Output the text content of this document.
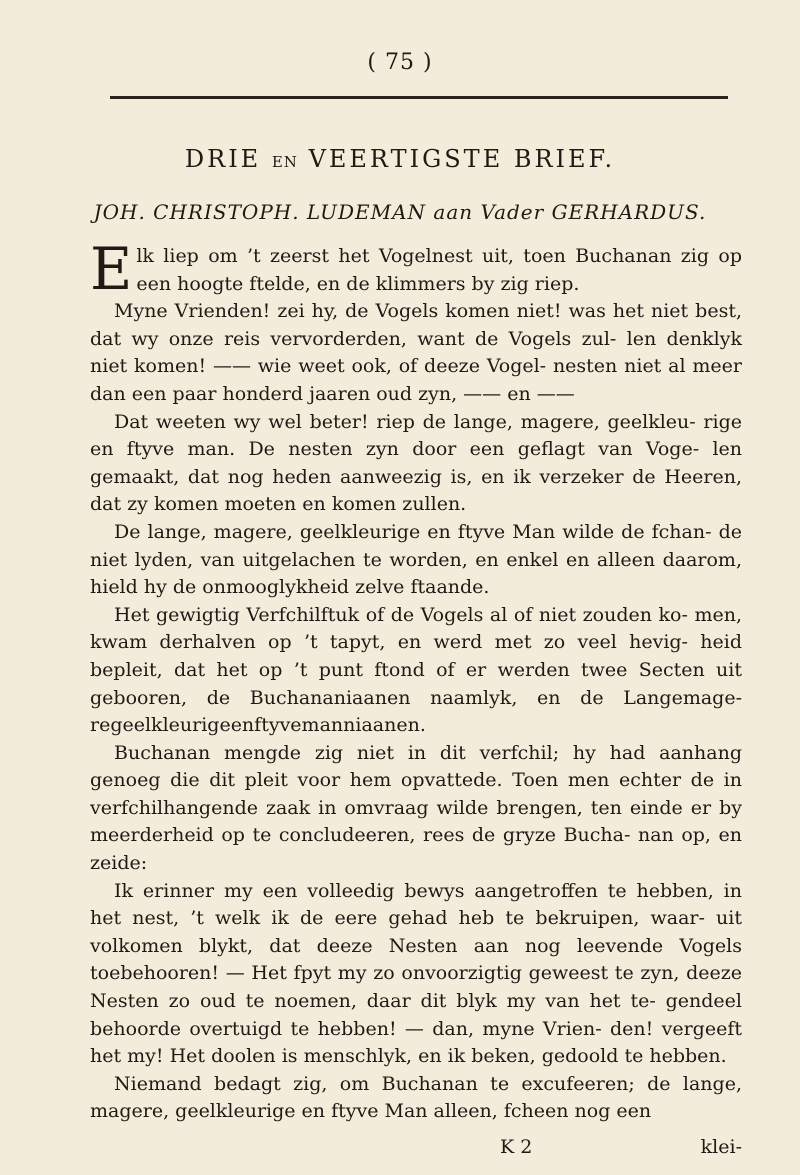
( 75 )
DRIE EN VEERTIGSTE BRIEF.
JOH. CHRISTOPH. LUDEMAN aan Vader GERHARDUS.

Elk liep om ’t zeerst het Vogelnest uit, toen Buchanan zig op een hoogte ftelde, en de klimmers by zig riep.

Myne Vrienden! zei hy, de Vogels komen niet! was het niet best, dat wy onze reis vervorderden, want de Vogels zul- len denklyk niet komen! —— wie weet ook, of deeze Vogel- nesten niet al meer dan een paar honderd jaaren oud zyn, —— en ——

Dat weeten wy wel beter! riep de lange, magere, geelkleu- rige en ftyve man. De nesten zyn door een geflagt van Voge- len gemaakt, dat nog heden aanweezig is, en ik verzeker de Heeren, dat zy komen moeten en komen zullen.

De lange, magere, geelkleurige en ftyve Man wilde de fchan- de niet lyden, van uitgelachen te worden, en enkel en alleen daarom, hield hy de onmooglykheid zelve ftaande.

Het gewigtig Verfchilftuk of de Vogels al of niet zouden ko- men, kwam derhalven op ’t tapyt, en werd met zo veel hevig- heid bepleit, dat het op ’t punt ftond of er werden twee Secten uit gebooren, de Buchananiaanen naamlyk, en de Langemage- regeelkleurigeenftyvemanniaanen.

Buchanan mengde zig niet in dit verfchil; hy had aanhang genoeg die dit pleit voor hem opvattede. Toen men echter de in verfchilhangende zaak in omvraag wilde brengen, ten einde er by meerderheid op te concludeeren, rees de gryze Bucha- nan op, en zeide:

Ik erinner my een volleedig bewys aangetroffen te hebben, in het nest, ’t welk ik de eere gehad heb te bekruipen, waar- uit volkomen blykt, dat deeze Nesten aan nog leevende Vogels toebehooren! — Het fpyt my zo onvoorzigtig geweest te zyn, deeze Nesten zo oud te noemen, daar dit blyk my van het te- gendeel behoorde overtuigd te hebben! — dan, myne Vrien- den! vergeeft het my! Het doolen is menschlyk, en ik beken, gedoold te hebben.

Niemand bedagt zig, om Buchanan te excufeeren; de lange, magere, geelkleurige en ftyve Man alleen, fcheen nog een

K 2	klei-
